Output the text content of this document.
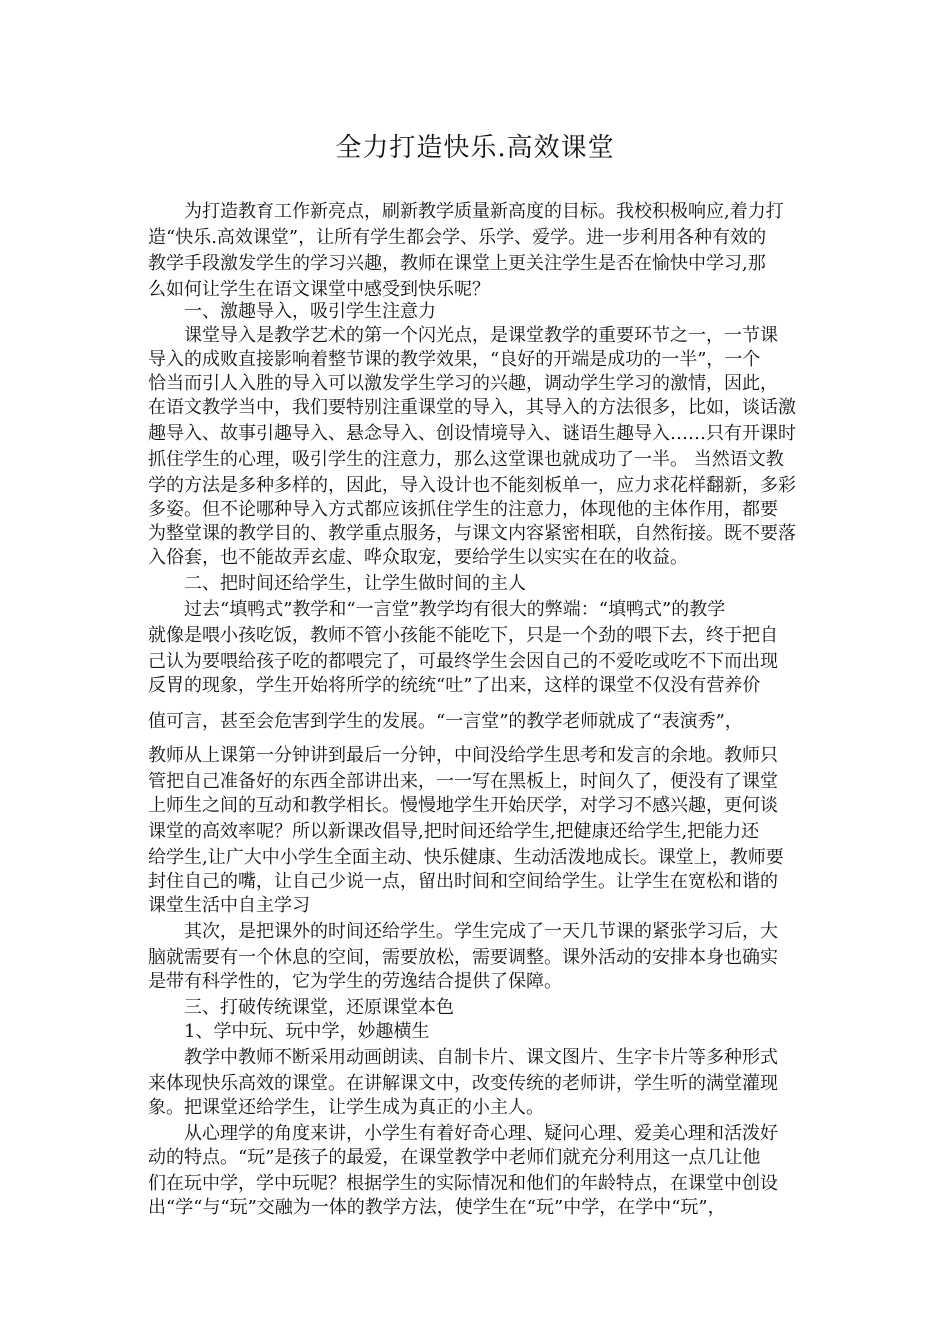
全力打造快乐.高效课堂
　　为打造教育工作新亮点，刷新教学质量新高度的目标。我校积极响应,着力打
造“快乐.高效课堂”，让所有学生都会学、乐学、爱学。进一步利用各种有效的
教学手段激发学生的学习兴趣，教师在课堂上更关注学生是否在愉快中学习,那
么如何让学生在语文课堂中感受到快乐呢？
　　一、激趣导入，吸引学生注意力
　　课堂导入是教学艺术的第一个闪光点，是课堂教学的重要环节之一，一节课
导入的成败直接影响着整节课的教学效果，“良好的开端是成功的一半”，一个
恰当而引人入胜的导入可以激发学生学习的兴趣，调动学生学习的激情，因此，
在语文教学当中，我们要特别注重课堂的导入，其导入的方法很多，比如，谈话激
趣导入、故事引趣导入、悬念导入、创设情境导入、谜语生趣导入……只有开课时
抓住学生的心理，吸引学生的注意力，那么这堂课也就成功了一半。 当然语文教
学的方法是多种多样的，因此，导入设计也不能刻板单一，应力求花样翻新，多彩
多姿。但不论哪种导入方式都应该抓住学生的注意力，体现他的主体作用，都要
为整堂课的教学目的、教学重点服务，与课文内容紧密相联，自然衔接。既不要落
入俗套，也不能故弄玄虚、哗众取宠，要给学生以实实在在的收益。
　　二、把时间还给学生，让学生做时间的主人
　　过去“填鸭式”教学和“一言堂”教学均有很大的弊端：“填鸭式”的教学
就像是喂小孩吃饭，教师不管小孩能不能吃下，只是一个劲的喂下去，终于把自
己认为要喂给孩子吃的都喂完了，可最终学生会因自己的不爱吃或吃不下而出现
反胃的现象，学生开始将所学的统统“吐”了出来，这样的课堂不仅没有营养价
值可言，甚至会危害到学生的发展。“一言堂”的教学老师就成了“表演秀”，
教师从上课第一分钟讲到最后一分钟，中间没给学生思考和发言的余地。教师只
管把自己准备好的东西全部讲出来，一一写在黑板上，时间久了，便没有了课堂
上师生之间的互动和教学相长。慢慢地学生开始厌学，对学习不感兴趣，更何谈
课堂的高效率呢？所以新课改倡导,把时间还给学生,把健康还给学生,把能力还
给学生,让广大中小学生全面主动、快乐健康、生动活泼地成长。课堂上，教师要
封住自己的嘴，让自己少说一点，留出时间和空间给学生。让学生在宽松和谐的
课堂生活中自主学习
　　其次，是把课外的时间还给学生。学生完成了一天几节课的紧张学习后，大
脑就需要有一个休息的空间，需要放松，需要调整。课外活动的安排本身也确实
是带有科学性的，它为学生的劳逸结合提供了保障。
　　三、打破传统课堂，还原课堂本色
　　1、学中玩、玩中学，妙趣横生
　　教学中教师不断采用动画朗读、自制卡片、课文图片、生字卡片等多种形式
来体现快乐高效的课堂。在讲解课文中，改变传统的老师讲，学生听的满堂灌现
象。把课堂还给学生，让学生成为真正的小主人。
　　从心理学的角度来讲，小学生有着好奇心理、疑问心理、爱美心理和活泼好
动的特点。“玩”是孩子的最爱，在课堂教学中老师们就充分利用这一点几让他
们在玩中学，学中玩呢？根据学生的实际情况和他们的年龄特点，在课堂中创设
出“学“与“玩”交融为一体的教学方法，使学生在“玩”中学，在学中“玩”，
